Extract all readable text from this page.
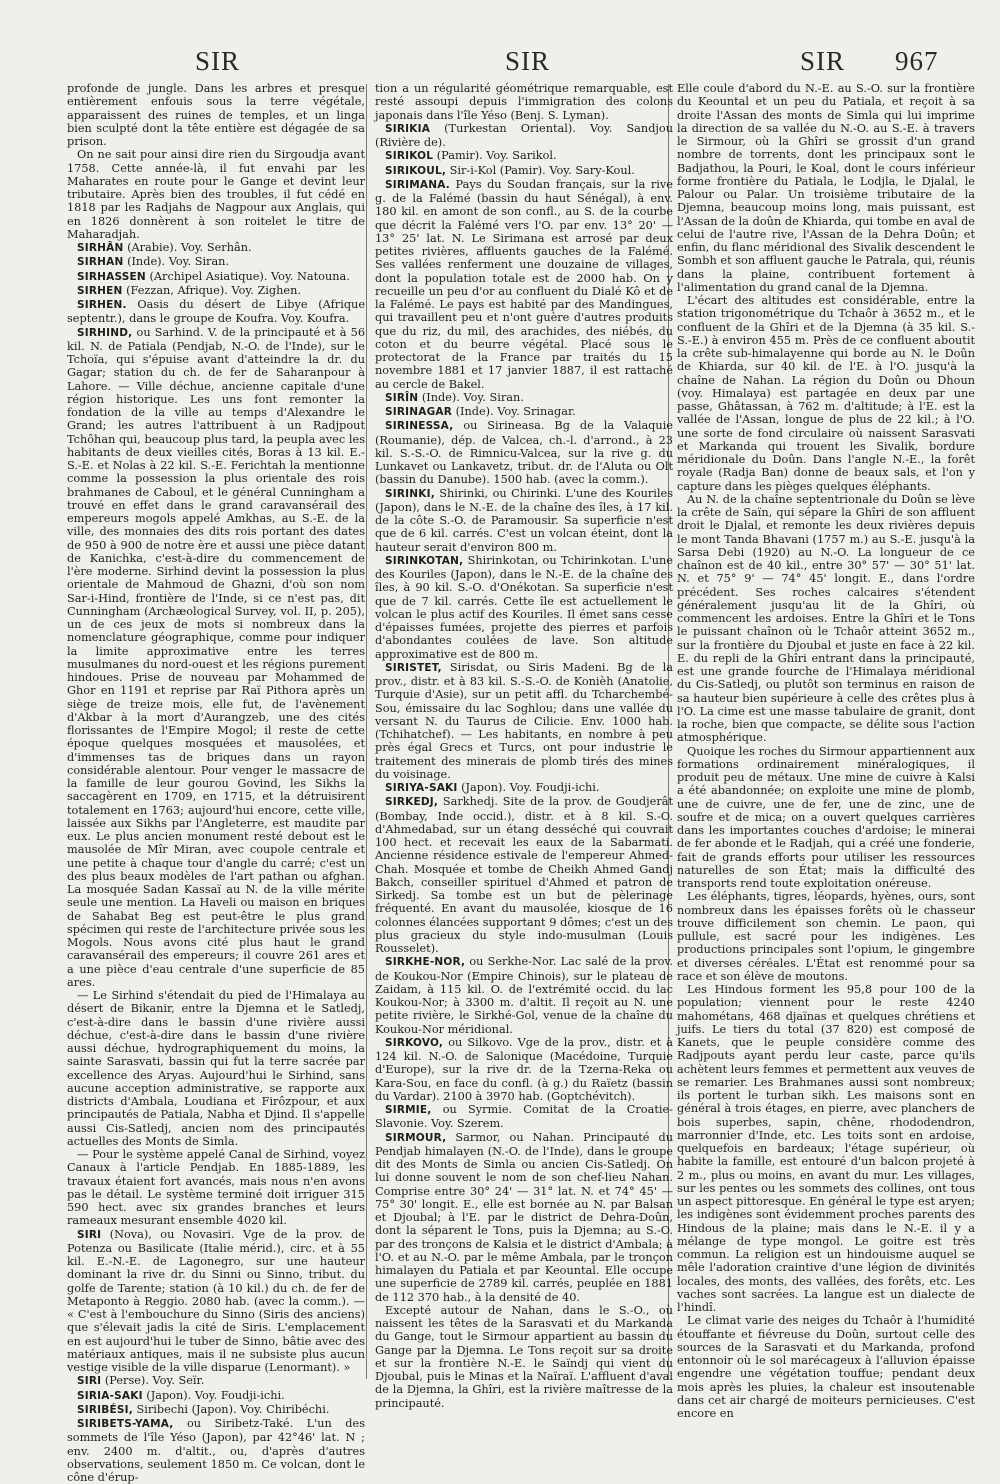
SIR	SIR	SIR 967

profonde de jungle. Dans les arbres et presque entièrement enfouis sous la terre végétale, apparaissent des ruines de temples, et un linga bien sculpté dont la tête entière est dégagée de sa prison.

On ne sait pour ainsi dire rien du Sirgoudja avant 1758. Cette année-là, il fut envahi par les Maharates en route pour le Gange et devint leur tributaire. Après bien des troubles, il fut cédé en 1818 par les Radjahs de Nagpour aux Anglais, qui en 1826 donnèrent à son roitelet le titre de Maharadjah.

SIRHÂN (Arabie). Voy. Serhân.

SIRHAN (Inde). Voy. Siran.

SIRHASSEN (Archipel Asiatique). Voy. Natouna.

SIRHEN (Fezzan, Afrique). Voy. Zighen.

SIRHEN. Oasis du désert de Libye (Afrique septentr.), dans le groupe de Koufra. Voy. Koufra.

SIRHIND, ou Sarhind. V. de la principauté et à 56 kil. N. de Patiala (Pendjab, N.-O. de l'Inde), sur le Tchoïa, qui s'épuise avant d'atteindre la dr. du Gagar; station du ch. de fer de Saharanpour à Lahore. — Ville déchue, ancienne capitale d'une région historique. Les uns font remonter la fondation de la ville au temps d'Alexandre le Grand; les autres l'attribuent à un Radjpout Tchôhan qui, beaucoup plus tard, la peupla avec les habitants de deux vieilles cités, Boras à 13 kil. E.-S.-E. et Nolas à 22 kil. S.-E. Ferichtah la mentionne comme la possession la plus orientale des rois brahmanes de Caboul, et le général Cunningham a trouvé en effet dans le grand caravansérail des empereurs mogols appelé Amkhas, au S.-E. de la ville, des monnaies des dits rois portant des dates de 950 à 900 de notre ère et aussi une pièce datant de Kanichka, c'est-à-dire du commencement de l'ère moderne. Sirhind devint la possession la plus orientale de Mahmoud de Ghazni, d'où son nom Sar-i-Hind, frontière de l'Inde, si ce n'est pas, dit Cunningham (Archæological Survey, vol. II, p. 205), un de ces jeux de mots si nombreux dans la nomenclature géographique, comme pour indiquer la limite approximative entre les terres musulmanes du nord-ouest et les régions purement hindoues. Prise de nouveau par Mohammed de Ghor en 1191 et reprise par Raï Pithora après un siège de treize mois, elle fut, de l'avènement d'Akbar à la mort d'Aurangzeb, une des cités florissantes de l'Empire Mogol; il reste de cette époque quelques mosquées et mausolées, et d'immenses tas de briques dans un rayon considérable alentour. Pour venger le massacre de la famille de leur gourou Govind, les Sikhs la saccagèrent en 1709, en 1715, et la détruisirent totalement en 1763; aujourd'hui encore, cette ville, laissée aux Sikhs par l'Angleterre, est maudite par eux. Le plus ancien monument resté debout est le mausolée de Mîr Miran, avec coupole centrale et une petite à chaque tour d'angle du carré; c'est un des plus beaux modèles de l'art pathan ou afghan. La mosquée Sadan Kassaï au N. de la ville mérite seule une mention. La Haveli ou maison en briques de Sahabat Beg est peut-être le plus grand spécimen qui reste de l'architecture privée sous les Mogols. Nous avons cité plus haut le grand caravansérail des empereurs; il couvre 261 ares et a une pièce d'eau centrale d'une superficie de 85 ares.

— Le Sirhind s'étendait du pied de l'Himalaya au désert de Bikanir, entre la Djemna et le Satledj, c'est-à-dire dans le bassin d'une rivière aussi déchue, c'est-à-dire dans le bassin d'une rivière aussi déchue, hydrographiquement du moins, la sainte Sarasvati, bassin qui fut la terre sacrée par excellence des Aryas. Aujourd'hui le Sirhind, sans aucune acception administrative, se rapporte aux districts d'Ambala, Loudiana et Firôzpour, et aux principautés de Patiala, Nabha et Djind. Il s'appelle aussi Cis-Satledj, ancien nom des principautés actuelles des Monts de Simla.

— Pour le système appelé Canal de Sirhind, voyez Canaux à l'article Pendjab. En 1885-1889, les travaux étaient fort avancés, mais nous n'en avons pas le détail. Le système terminé doit irriguer 315 590 hect. avec six grandes branches et leurs rameaux mesurant ensemble 4020 kil.

SIRI (Nova), ou Novasiri. Vge de la prov. de Potenza ou Basilicate (Italie mérid.), circ. et à 55 kil. E.-N.-E. de Lagonegro, sur une hauteur dominant la rive dr. du Sinni ou Sinno, tribut. du golfe de Tarente; station (à 10 kil.) du ch. de fer de Metaponto à Reggio. 2080 hab. (avec la comm.). — « C'est à l'embouchure du Sinno (Siris des anciens) que s'élevait jadis la cité de Siris. L'emplacement en est aujourd'hui le tuber de Sinno, bâtie avec des matériaux antiques, mais il ne subsiste plus aucun vestige visible de la ville disparue (Lenormant). »

SIRI (Perse). Voy. Seïr.

SIRIA-SAKI (Japon). Voy. Foudji-ichi.

SIRIBÉSI, Siribechi (Japon). Voy. Chiribéchi.

SIRIBETS-YAMA, ou Siribetz-Také. L'un des sommets de l'île Yéso (Japon), par 42°46' lat. N ; env. 2400 m. d'altit., ou, d'après d'autres observations, seulement 1850 m. Ce volcan, dont le cône d'érup-

tion a un régularité géométrique remarquable, est resté assoupi depuis l'immigration des colons japonais dans l'île Yéso (Benj. S. Lyman).

SIRIKIA (Turkestan Oriental). Voy. Sandjou (Rivière de).

SIRIKOL (Pamir). Voy. Sarikol.

SIRIKOUL, Sir-i-Kol (Pamir). Voy. Sary-Koul.

SIRIMANA. Pays du Soudan français, sur la rive g. de la Falémé (bassin du haut Sénégal), à env. 180 kil. en amont de son confl., au S. de la courbe que décrit la Falémé vers l'O. par env. 13° 20' — 13° 25' lat. N. Le Sirimana est arrosé par deux petites rivières, affluents gauches de la Falémé. Ses vallées renferment une douzaine de villages, dont la population totale est de 2000 hab. On y recueille un peu d'or au confluent du Dialé Kô et de la Falémé. Le pays est habité par des Mandingues, qui travaillent peu et n'ont guère d'autres produits que du riz, du mil, des arachides, des niébés, du coton et du beurre végétal. Placé sous le protectorat de la France par traités du 15 novembre 1881 et 17 janvier 1887, il est rattaché au cercle de Bakel.

SIRÎN (Inde). Voy. Siran.

SIRINAGAR (Inde). Voy. Srinagar.

SIRINESSA, ou Sirineasa. Bg de la Valaquie (Roumanie), dép. de Valcea, ch.-l. d'arrond., à 23 kil. S.-S.-O. de Rimnicu-Valcea, sur la rive g. du Lunkavet ou Lankavetz, tribut. dr. de l'Aluta ou Olt (bassin du Danube). 1500 hab. (avec la comm.).

SIRINKI, Shirinki, ou Chirinki. L'une des Kouriles (Japon), dans le N.-E. de la chaîne des îles, à 17 kil. de la côte S.-O. de Paramousir. Sa superficie n'est que de 6 kil. carrés. C'est un volcan éteint, dont la hauteur serait d'environ 800 m.

SIRINKOTAN, Shirinkotan, ou Tchirinkotan. L'une des Kouriles (Japon), dans le N.-E. de la chaîne des îles, à 90 kil. S.-O. d'Onékotan. Sa superficie n'est que de 7 kil. carrés. Cette île est actuellement le volcan le plus actif des Kouriles. Il émet sans cesse d'épaisses fumées, projette des pierres et parfois d'abondantes coulées de lave. Son altitude approximative est de 800 m.

SIRISTET, Sirisdat, ou Siris Madeni. Bg de la prov., distr. et à 83 kil. S.-S.-O. de Konièh (Anatolie, Turquie d'Asie), sur un petit affl. du Tcharchembé-Sou, émissaire du lac Soghlou; dans une vallée du versant N. du Taurus de Cilicie. Env. 1000 hab. (Tchihatchef). — Les habitants, en nombre à peu près égal Grecs et Turcs, ont pour industrie le traitement des minerais de plomb tirés des mines du voisinage.

SIRIYA-SAKI (Japon). Voy. Foudji-ichi.

SIRKEDJ, Sarkhedj. Site de la prov. de Goudjerât (Bombay, Inde occid.), distr. et à 8 kil. S.-O. d'Ahmedabad, sur un étang desséché qui couvrait 100 hect. et recevait les eaux de la Sabarmati. Ancienne résidence estivale de l'empereur Ahmed-Chah. Mosquée et tombe de Cheikh Ahmed Gandj Bakch, conseiller spirituel d'Ahmed et patron de Sirkedj. Sa tombe est un but de pèlerinage fréquenté. En avant du mausolée, kiosque de 16 colonnes élancées supportant 9 dômes; c'est un des plus gracieux du style indo-musulman (Louis Rousselet).

SIRKHE-NOR, ou Serkhe-Nor. Lac salé de la prov. de Koukou-Nor (Empire Chinois), sur le plateau de Zaidam, à 115 kil. O. de l'extrémité occid. du lac Koukou-Nor; à 3300 m. d'altit. Il reçoit au N. une petite rivière, le Sirkhé-Gol, venue de la chaîne du Koukou-Nor méridional.

SIRKOVO, ou Silkovo. Vge de la prov., distr. et à 124 kil. N.-O. de Salonique (Macédoine, Turquie d'Europe), sur la rive dr. de la Tzerna-Reka ou Kara-Sou, en face du confl. (à g.) du Raïetz (bassin du Vardar). 2100 à 3970 hab. (Goptchévitch).

SIRMIE, ou Syrmie. Comitat de la Croatie-Slavonie. Voy. Szerem.

SIRMOUR, Sarmor, ou Nahan. Principauté du Pendjab himalayen (N.-O. de l'Inde), dans le groupe dit des Monts de Simla ou ancien Cis-Satledj. On lui donne souvent le nom de son chef-lieu Nahan. Comprise entre 30° 24' — 31° lat. N. et 74° 45' — 75° 30' longit. E., elle est bornée au N. par Balsan et Djoubal; à l'E. par le district de Dehra-Doûn, dont la séparent le Tons, puis la Djemna; au S.-O. par des tronçons de Kalsia et le district d'Ambala; à l'O. et au N.-O. par le même Ambala, par le tronçon himalayen du Patiala et par Keountal. Elle occupe une superficie de 2789 kil. carrés, peuplée en 1881 de 112 370 hab., à la densité de 40.

Excepté autour de Nahan, dans le S.-O., où naissent les têtes de la Sarasvati et du Markanda du Gange, tout le Sirmour appartient au bassin du Gange par la Djemna. Le Tons reçoit sur sa droite et sur la frontière N.-E. le Saïndj qui vient du Djoubal, puis le Minas et la Naïraï. L'affluent d'aval de la Djemna, la Ghîri, est la rivière maîtresse de la principauté.

Elle coule d'abord du N.-E. au S.-O. sur la frontière du Keountal et un peu du Patiala, et reçoit à sa droite l'Assan des monts de Simla qui lui imprime la direction de sa vallée du N.-O. au S.-E. à travers le Sirmour, où la Ghîri se grossit d'un grand nombre de torrents, dont les principaux sont le Badjathou, la Pouri, le Koal, dont le cours inférieur forme frontière du Patiala, le Lodjla, le Djalal, le Palour ou Palar. Un troisième tributaire de la Djemna, beaucoup moins long, mais puissant, est l'Assan de la doûn de Khiarda, qui tombe en aval de celui de l'autre rive, l'Assan de la Dehra Doûn; et enfin, du flanc méridional des Sivalik descendent le Sombh et son affluent gauche le Patrala, qui, réunis dans la plaine, contribuent fortement à l'alimentation du grand canal de la Djemna.

L'écart des altitudes est considérable, entre la station trigonométrique du Tchaôr à 3652 m., et le confluent de la Ghîri et de la Djemna (à 35 kil. S.-S.-E.) à environ 455 m. Près de ce confluent aboutit la crête sub-himalayenne qui borde au N. le Doûn de Khiarda, sur 40 kil. de l'E. à l'O. jusqu'à la chaîne de Nahan. La région du Doûn ou Dhoun (voy. Himalaya) est partagée en deux par une passe, Ghâtassan, à 762 m. d'altitude; à l'E. est la vallée de l'Assan, longue de plus de 22 kil.; à l'O. une sorte de fond circulaire où naissent Sarasvati et Markanda qui trouent les Sivalik, bordure méridionale du Doûn. Dans l'angle N.-E., la forêt royale (Radja Ban) donne de beaux sals, et l'on y capture dans les pièges quelques éléphants.

Au N. de la chaîne septentrionale du Doûn se lève la crête de Saïn, qui sépare la Ghîri de son affluent droit le Djalal, et remonte les deux rivières depuis le mont Tanda Bhavani (1757 m.) au S.-E. jusqu'à la Sarsa Debi (1920) au N.-O. La longueur de ce chaînon est de 40 kil., entre 30° 57' — 30° 51' lat. N. et 75° 9' — 74° 45' longit. E., dans l'ordre précédent. Ses roches calcaires s'étendent généralement jusqu'au lit de la Ghîri, où commencent les ardoises. Entre la Ghîri et le Tons le puissant chaînon où le Tchaôr atteint 3652 m., sur la frontière du Djoubal et juste en face à 22 kil. E. du repli de la Ghîri entrant dans la principauté, est une grande fourche de l'Himalaya méridional du Cis-Satledj, ou plutôt son terminus en raison de sa hauteur bien supérieure à celle des crêtes plus à l'O. La cime est une masse tabulaire de granit, dont la roche, bien que compacte, se délite sous l'action atmosphérique.

Quoique les roches du Sirmour appartiennent aux formations ordinairement minéralogiques, il produit peu de métaux. Une mine de cuivre à Kalsi a été abandonnée; on exploite une mine de plomb, une de cuivre, une de fer, une de zinc, une de soufre et de mica; on a ouvert quelques carrières dans les importantes couches d'ardoise; le minerai de fer abonde et le Radjah, qui a créé une fonderie, fait de grands efforts pour utiliser les ressources naturelles de son État; mais la difficulté des transports rend toute exploitation onéreuse.

Les éléphants, tigres, léopards, hyènes, ours, sont nombreux dans les épaisses forêts où le chasseur trouve difficilement son chemin. Le paon, qui pullule, est sacré pour les indigènes. Les productions principales sont l'opium, le gingembre et diverses céréales. L'État est renommé pour sa race et son élève de moutons.

Les Hindous forment les 95,8 pour 100 de la population; viennent pour le reste 4240 mahométans, 468 djaïnas et quelques chrétiens et juifs. Le tiers du total (37 820) est composé de Kanets, que le peuple considère comme des Radjpouts ayant perdu leur caste, parce qu'ils achètent leurs femmes et permettent aux veuves de se remarier. Les Brahmanes aussi sont nombreux; ils portent le turban sikh. Les maisons sont en général à trois étages, en pierre, avec planchers de bois superbes, sapin, chêne, rhododendron, marronnier d'Inde, etc. Les toits sont en ardoise, quelquefois en bardeaux; l'étage supérieur, où habite la famille, est entouré d'un balcon projeté à 2 m., plus ou moins, en avant du mur. Les villages, sur les pentes ou les sommets des collines, ont tous un aspect pittoresque. En général le type est aryen; les indigènes sont évidemment proches parents des Hindous de la plaine; mais dans le N.-E. il y a mélange de type mongol. Le goitre est très commun. La religion est un hindouisme auquel se mêle l'adoration craintive d'une légion de divinités locales, des monts, des vallées, des forêts, etc. Les vaches sont sacrées. La langue est un dialecte de l'hindî.

Le climat varie des neiges du Tchaôr à l'humidité étouffante et fiévreuse du Doûn, surtout celle des sources de la Sarasvati et du Markanda, profond entonnoir où le sol marécageux à l'alluvion épaisse engendre une végétation touffue; pendant deux mois après les pluies, la chaleur est insoutenable dans cet air chargé de moiteurs pernicieuses. C'est encore en
